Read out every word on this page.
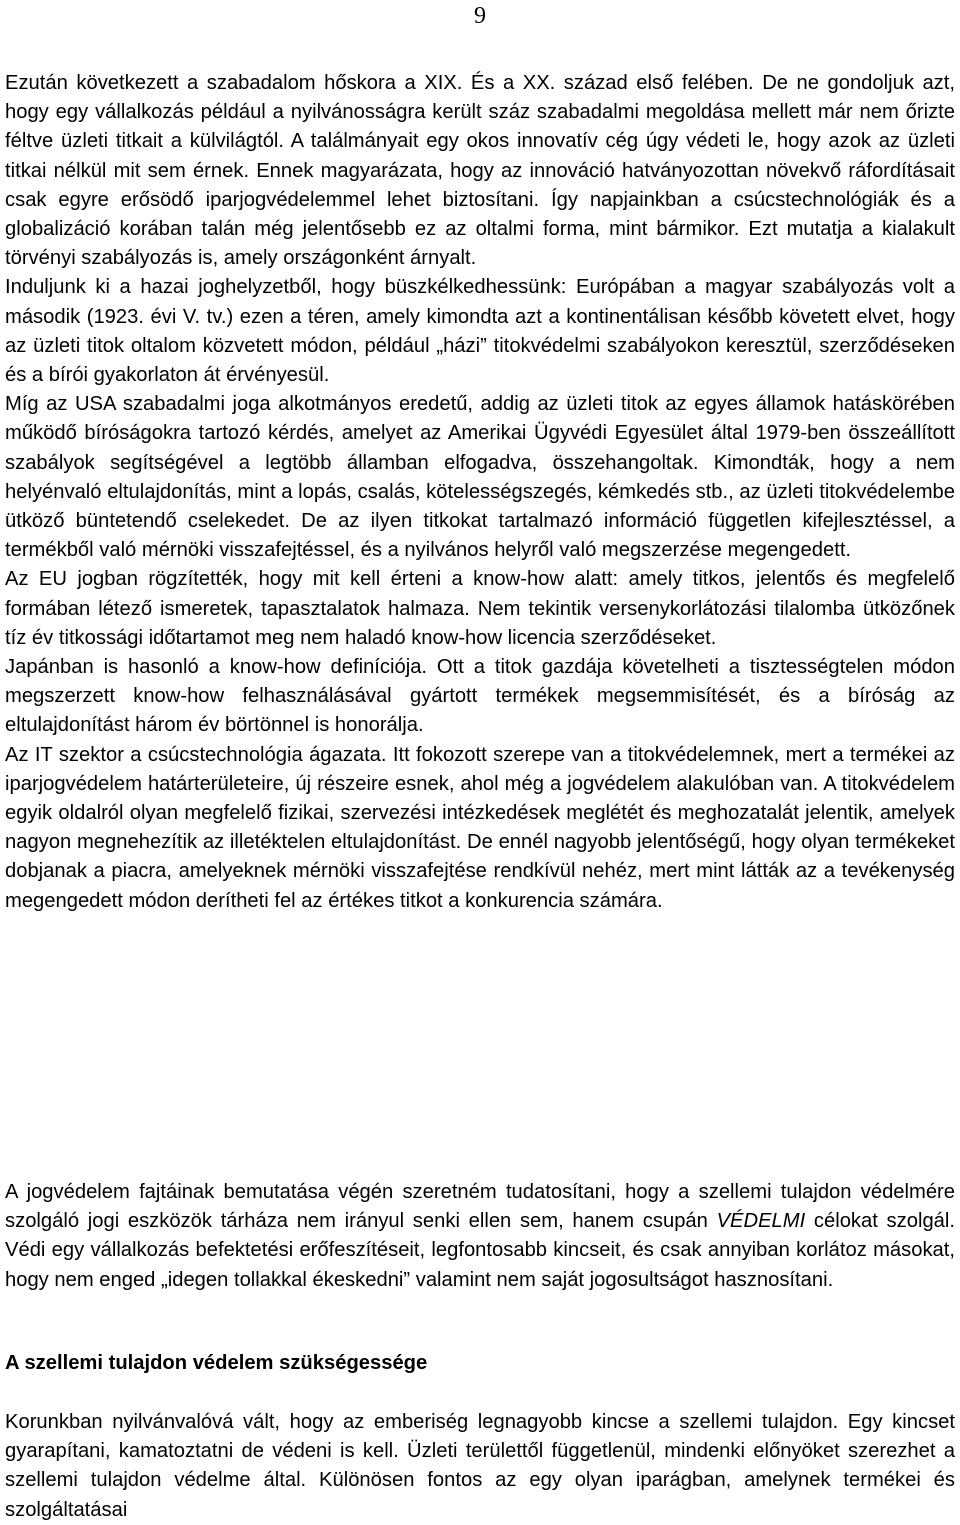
9

Ezután következett a szabadalom hőskora a XIX. És a XX. század első felében. De ne gondoljuk azt, hogy egy vállalkozás például a nyilvánosságra került száz szabadalmi megoldása mellett már nem őrizte féltve üzleti titkait a külvilágtól. A találmányait egy okos innovatív cég úgy védeti le, hogy azok az üzleti titkai nélkül mit sem érnek. Ennek magyarázata, hogy az innováció hatványozottan növekvő ráfordításait csak egyre erősödő iparjogvédelemmel lehet biztosítani. Így napjainkban a csúcstechnológiák és a globalizáció korában talán még jelentősebb ez az oltalmi forma, mint bármikor. Ezt mutatja a kialakult törvényi szabályozás is, amely országonként árnyalt.

Induljunk ki a hazai joghelyzetből, hogy büszkélkedhessünk: Európában a magyar szabályozás volt a második (1923. évi V. tv.) ezen a téren, amely kimondta azt a kontinentálisan később követett elvet, hogy az üzleti titok oltalom közvetett módon, például „házi” titokvédelmi szabályokon keresztül, szerződéseken és a bírói gyakorlaton át érvényesül.

Míg az USA szabadalmi joga alkotmányos eredetű, addig az üzleti titok az egyes államok hatáskörében működő bíróságokra tartozó kérdés, amelyet az Amerikai Ügyvédi Egyesület által 1979-ben összeállított szabályok segítségével a legtöbb államban elfogadva, összehangoltak. Kimondták, hogy a nem helyénvaló eltulajdonítás, mint a lopás, csalás, kötelességszegés, kémkedés stb., az üzleti titokvédelembe ütköző büntetendő cselekedet. De az ilyen titkokat tartalmazó információ független kifejlesztéssel, a termékből való mérnöki visszafejtéssel, és a nyilvános helyről való megszerzése megengedett.

Az EU jogban rögzítették, hogy mit kell érteni a know-how alatt: amely titkos, jelentős és megfelelő formában létező ismeretek, tapasztalatok halmaza. Nem tekintik versenykorlátozási tilalomba ütközőnek tíz év titkossági időtartamot meg nem haladó know-how licencia szerződéseket.

Japánban is hasonló a know-how definíciója. Ott a titok gazdája követelheti a tisztességtelen módon megszerzett know-how felhasználásával gyártott termékek megsemmisítését, és a bíróság az eltulajdonítást három év börtönnel is honorálja.

Az IT szektor a csúcstechnológia ágazata. Itt fokozott szerepe van a titokvédelemnek, mert a termékei az iparjogvédelem határterületeire, új részeire esnek, ahol még a jogvédelem alakulóban van. A titokvédelem egyik oldalról olyan megfelelő fizikai, szervezési intézkedések meglétét és meghozatalát jelentik, amelyek nagyon megnehezítik az illetéktelen eltulajdonítást. De ennél nagyobb jelentőségű, hogy olyan termékeket dobjanak a piacra, amelyeknek mérnöki visszafejtése rendkívül nehéz, mert mint látták az a tevékenység megengedett módon derítheti fel az értékes titkot a konkurencia számára.

A jogvédelem fajtáinak bemutatása végén szeretném tudatosítani, hogy a szellemi tulajdon védelmére szolgáló jogi eszközök tárháza nem irányul senki ellen sem, hanem csupán VÉDELMI célokat szolgál. Védi egy vállalkozás befektetési erőfeszítéseit, legfontosabb kincseit, és csak annyiban korlátoz másokat, hogy nem enged „idegen tollakkal ékeskedni” valamint nem saját jogosultságot hasznosítani.

A szellemi tulajdon védelem szükségessége

Korunkban nyilvánvalóvá vált, hogy az emberiség legnagyobb kincse a szellemi tulajdon. Egy kincset gyarapítani, kamatoztatni de védeni is kell. Üzleti területtől függetlenül, mindenki előnyöket szerezhet a szellemi tulajdon védelme által. Különösen fontos az egy olyan iparágban, amelynek termékei és szolgáltatásai
